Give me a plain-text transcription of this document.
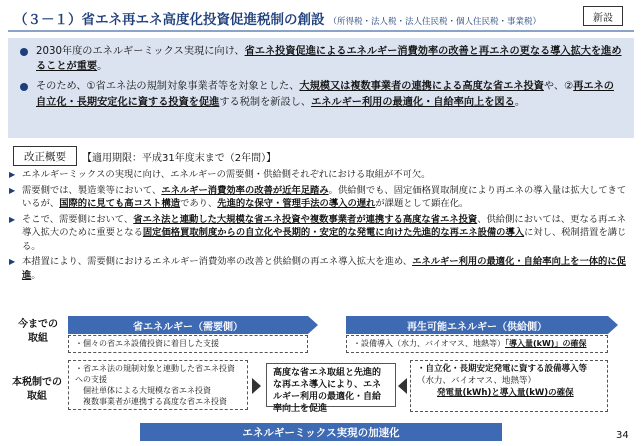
（３－１）省エネ再エネ高度化投資促進税制の創設 （所得税・法人税・法人住民税・個人住民税・事業税）	新設
2030年度のエネルギーミックス実現に向け、省エネ投資促進によるエネルギー消費効率の改善と再エネの更なる導入拡大を進めることが重要。
そのため、①省エネ法の規制対象事業者等を対象とした、大規模又は複数事業者の連携による高度な省エネ投資や、②再エネの自立化・長期安定化に資する投資を促進する税制を新設し、エネルギー利用の最適化・自給率向上を図る。
改正概要	【適用期限：平成31年度末まで（2年間）】
▶ エネルギーミックスの実現に向け、エネルギーの需要側・供給側それぞれにおける取組が不可欠。
▶ 需要側では、製造業等において、エネルギー消費効率の改善が近年足踏み。供給側でも、固定価格買取制度により再エネの導入量は拡大してきているが、国際的に見ても高コスト構造であり、先進的な保守・管理手法の導入の遅れが課題として顕在化。
▶ そこで、需要側において、省エネ法と連動した大規模な省エネ投資や複数事業者が連携する高度な省エネ投資、供給側においては、更なる再エネ導入拡大のために重要となる固定価格買取制度からの自立化や長期的・安定的な発電に向けた先進的な再エネ設備の導入に対し、税制措置を講じる。
▶ 本措置により、需要側におけるエネルギー消費効率の改善と供給側の再エネ導入拡大を進め、エネルギー利用の最適化・自給率向上を一体的に促進。
今までの
取組
本税制での
取組
省エネルギー（需要側）	再生可能エネルギー（供給側）
・個々の省エネ設備投資に着目した支援	・設備導入（水力、バイオマス、地熱等）「導入量(kW)」の確保
・省エネ法の規制対象と連動した省エネ投資への支援
　個社単体による大規模な省エネ投資
　複数事業者が連携する高度な省エネ投資
高度な省エネ取組と先進的な再エネ導入により、エネルギー利用の最適化・自給率向上を促進
・自立化・長期安定発電に資する設備導入等（水力、バイオマス、地熱等）
発電量(kWh)と導入量(kW)の確保
エネルギーミックス実現の加速化	34
